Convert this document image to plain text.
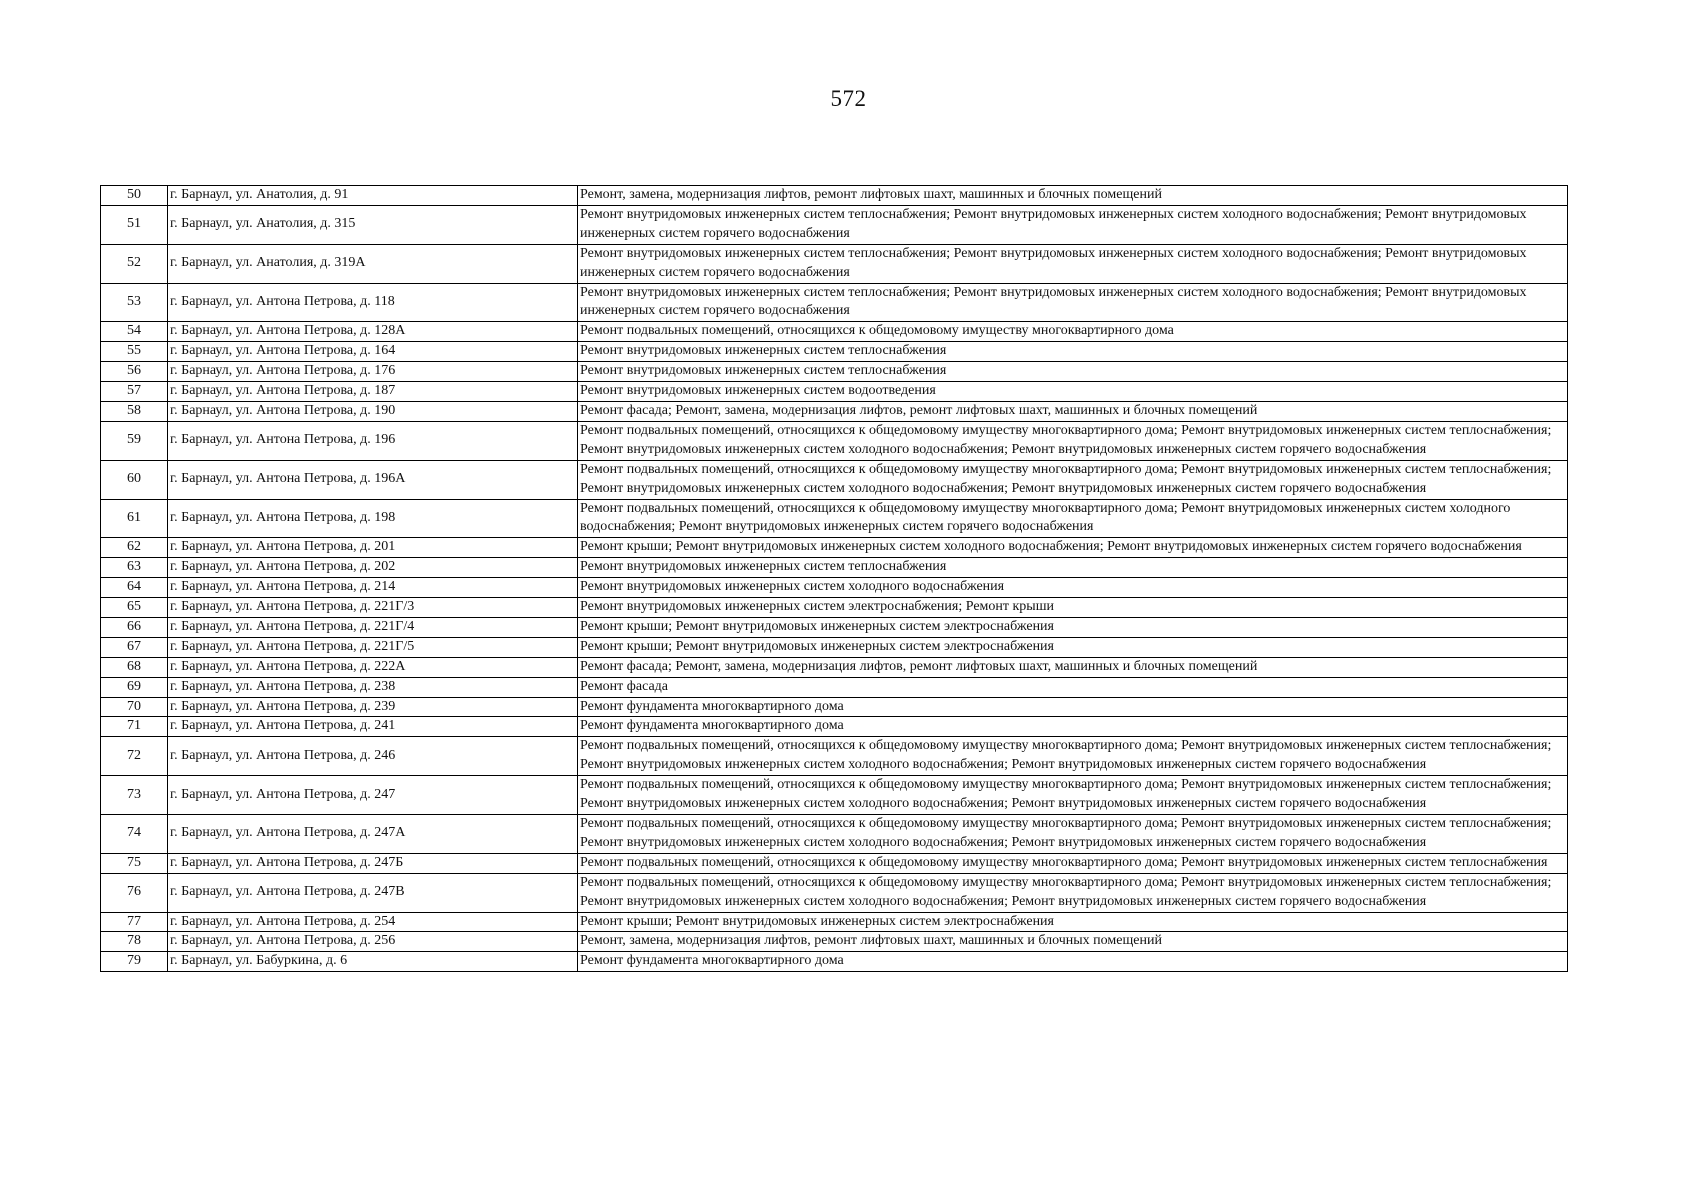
572
50	г. Барнаул, ул. Анатолия, д. 91	Ремонт, замена, модернизация лифтов, ремонт лифтовых шахт, машинных и блочных помещений
51	г. Барнаул, ул. Анатолия, д. 315	Ремонт внутридомовых инженерных систем теплоснабжения; Ремонт внутридомовых инженерных систем холодного водоснабжения; Ремонт внутридомовых инженерных систем горячего водоснабжения
52	г. Барнаул, ул. Анатолия, д. 319А	Ремонт внутридомовых инженерных систем теплоснабжения; Ремонт внутридомовых инженерных систем холодного водоснабжения; Ремонт внутридомовых инженерных систем горячего водоснабжения
53	г. Барнаул, ул. Антона Петрова, д. 118	Ремонт внутридомовых инженерных систем теплоснабжения; Ремонт внутридомовых инженерных систем холодного водоснабжения; Ремонт внутридомовых инженерных систем горячего водоснабжения
54	г. Барнаул, ул. Антона Петрова, д. 128А	Ремонт подвальных помещений, относящихся к общедомовому имуществу многоквартирного дома
55	г. Барнаул, ул. Антона Петрова, д. 164	Ремонт внутридомовых инженерных систем теплоснабжения
56	г. Барнаул, ул. Антона Петрова, д. 176	Ремонт внутридомовых инженерных систем теплоснабжения
57	г. Барнаул, ул. Антона Петрова, д. 187	Ремонт внутридомовых инженерных систем водоотведения
58	г. Барнаул, ул. Антона Петрова, д. 190	Ремонт фасада; Ремонт, замена, модернизация лифтов, ремонт лифтовых шахт, машинных и блочных помещений
59	г. Барнаул, ул. Антона Петрова, д. 196	Ремонт подвальных помещений, относящихся к общедомовому имуществу многоквартирного дома; Ремонт внутридомовых инженерных систем теплоснабжения; Ремонт внутридомовых инженерных систем холодного водоснабжения; Ремонт внутридомовых инженерных систем горячего водоснабжения
60	г. Барнаул, ул. Антона Петрова, д. 196А	Ремонт подвальных помещений, относящихся к общедомовому имуществу многоквартирного дома; Ремонт внутридомовых инженерных систем теплоснабжения; Ремонт внутридомовых инженерных систем холодного водоснабжения; Ремонт внутридомовых инженерных систем горячего водоснабжения
61	г. Барнаул, ул. Антона Петрова, д. 198	Ремонт подвальных помещений, относящихся к общедомовому имуществу многоквартирного дома; Ремонт внутридомовых инженерных систем холодного водоснабжения; Ремонт внутридомовых инженерных систем горячего водоснабжения
62	г. Барнаул, ул. Антона Петрова, д. 201	Ремонт крыши; Ремонт внутридомовых инженерных систем холодного водоснабжения; Ремонт внутридомовых инженерных систем горячего водоснабжения
63	г. Барнаул, ул. Антона Петрова, д. 202	Ремонт внутридомовых инженерных систем теплоснабжения
64	г. Барнаул, ул. Антона Петрова, д. 214	Ремонт внутридомовых инженерных систем холодного водоснабжения
65	г. Барнаул, ул. Антона Петрова, д. 221Г/3	Ремонт внутридомовых инженерных систем электроснабжения; Ремонт крыши
66	г. Барнаул, ул. Антона Петрова, д. 221Г/4	Ремонт крыши; Ремонт внутридомовых инженерных систем электроснабжения
67	г. Барнаул, ул. Антона Петрова, д. 221Г/5	Ремонт крыши; Ремонт внутридомовых инженерных систем электроснабжения
68	г. Барнаул, ул. Антона Петрова, д. 222А	Ремонт фасада; Ремонт, замена, модернизация лифтов, ремонт лифтовых шахт, машинных и блочных помещений
69	г. Барнаул, ул. Антона Петрова, д. 238	Ремонт фасада
70	г. Барнаул, ул. Антона Петрова, д. 239	Ремонт фундамента многоквартирного дома
71	г. Барнаул, ул. Антона Петрова, д. 241	Ремонт фундамента многоквартирного дома
72	г. Барнаул, ул. Антона Петрова, д. 246	Ремонт подвальных помещений, относящихся к общедомовому имуществу многоквартирного дома; Ремонт внутридомовых инженерных систем теплоснабжения; Ремонт внутридомовых инженерных систем холодного водоснабжения; Ремонт внутридомовых инженерных систем горячего водоснабжения
73	г. Барнаул, ул. Антона Петрова, д. 247	Ремонт подвальных помещений, относящихся к общедомовому имуществу многоквартирного дома; Ремонт внутридомовых инженерных систем теплоснабжения; Ремонт внутридомовых инженерных систем холодного водоснабжения; Ремонт внутридомовых инженерных систем горячего водоснабжения
74	г. Барнаул, ул. Антона Петрова, д. 247А	Ремонт подвальных помещений, относящихся к общедомовому имуществу многоквартирного дома; Ремонт внутридомовых инженерных систем теплоснабжения; Ремонт внутридомовых инженерных систем холодного водоснабжения; Ремонт внутридомовых инженерных систем горячего водоснабжения
75	г. Барнаул, ул. Антона Петрова, д. 247Б	Ремонт подвальных помещений, относящихся к общедомовому имуществу многоквартирного дома; Ремонт внутридомовых инженерных систем теплоснабжения
76	г. Барнаул, ул. Антона Петрова, д. 247В	Ремонт подвальных помещений, относящихся к общедомовому имуществу многоквартирного дома; Ремонт внутридомовых инженерных систем теплоснабжения; Ремонт внутридомовых инженерных систем холодного водоснабжения; Ремонт внутридомовых инженерных систем горячего водоснабжения
77	г. Барнаул, ул. Антона Петрова, д. 254	Ремонт крыши; Ремонт внутридомовых инженерных систем электроснабжения
78	г. Барнаул, ул. Антона Петрова, д. 256	Ремонт, замена, модернизация лифтов, ремонт лифтовых шахт, машинных и блочных помещений
79	г. Барнаул, ул. Бабуркина, д. 6	Ремонт фундамента многоквартирного дома
